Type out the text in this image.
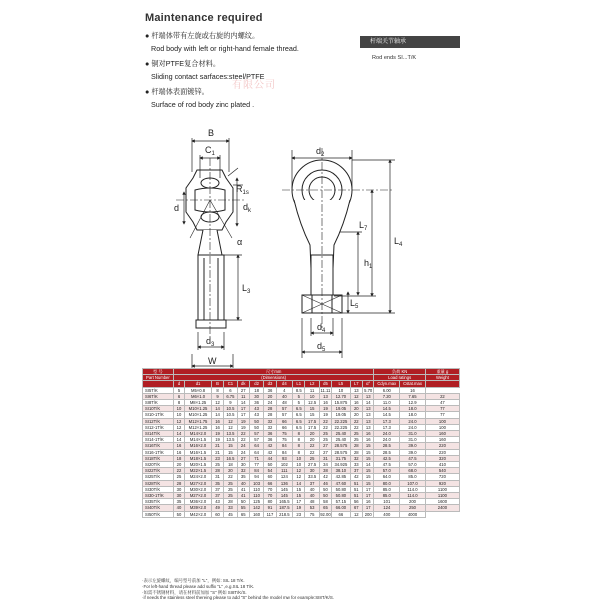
Maintenance required
● 杆端体带有左旋或右旋的内螺纹。
Rod body with left or right-hand female thread.
● 铜对PTFE复合材料。
Sliding contact sarfaces:steel/PTFE
● 杆端体表面镀锌。
Surface of rod body zinc plated .
杆端关节轴承
Rod ends SI...T/K
有限公司
B
$C_1$
$R_{1s}$
d	$d_k$
α
$L_3$
$d_3$
W
$d_2$
$L_7$
$L_4$
$h_1$
$L_5$
$d_4$
$d_5$
型 号	尺寸mm														负荷 KN		重量 g
Part Number	(Dimensions)														Load ratings		Weight
	d	d1	B	C1	dk	d2	d3	d4	L1	L2	d5	L5	L7	α°	Cdyn.max	Cstat.max	
SI5T/K	5	M5×0.8	8	6	27	18	36	4	8.5	11	11.11	10	13	5.70	6.00	16	
SI6T/K	6	M6×1.0	9	6.75	11	30	20	40	5	10	13	12.70	12	13	7.20	7.65	22
SI8T/K	8	M8×1.25	12	9	14	36	24	48	5	12.5	16	15.875	16	14	11.0	12.9	47
SI10T/K	10	M10×1.25	14	10.5	17	43	28	57	6.5	15	19	19.05	20	13	14.5	18.0	77
SI10-1T/K	10	M10×1.25	14	10.5	17	43	28	57	6.5	15	19	19.05	20	13	14.5	18.0	77
SI12T/K	12	M12×1.75	16	12	19	50	32	66	6.5	17.5	22	22.225	22	13	17.3	24.0	100
SI12-1T/K	12	M12×1.25	16	12	19	50	32	66	6.5	17.5	22	22.225	22	13	17.3	24.0	100
SI14T/K	14	M14×2.0	19	13.5	22	57	36	75	8	20	25	25.40	25	16	24.0	31.0	160
SI14-1T/K	14	M14×1.5	19	13.5	22	57	36	75	8	20	25	25.40	25	16	24.0	31.0	160
SI16T/K	16	M16×2.0	21	15	24	64	42	84	8	22	27	28.575	28	15	28.5	39.0	220
SI16-1T/K	16	M16×1.5	21	15	24	64	42	84	8	22	27	28.575	28	15	28.5	39.0	220
SI18T/K	18	M18×1.5	23	16.5	27	71	44	93	10	25	31	31.75	32	15	42.5	47.5	320
SI20T/K	20	M20×1.5	25	18	30	77	50	102	10	27.5	34	34.925	33	14	47.5	57.0	410
SI22T/K	22	M22×1.5	28	20	32	84	54	111	12	30	38	38.10	37	15	57.0	68.0	540
SI25T/K	25	M24×2.0	31	22	35	94	60	124	12	33.5	42	42.85	42	15	64.0	85.0	720
SI28T/K	28	M27×2.0	35	25	40	103	66	136	14	37	46	47.60	51	15	80.0	107.0	920
SI30T/K	30	M30×2.0	37	25	41	110	70	145	15	40	50	50.80	51	17	85.0	114.0	1100
SI30-1T/K	30	M27×2.0	37	25	41	110	70	145	15	40	50	50.80	51	17	85.0	114.0	1100
SI35T/K	35	M36×2.0	43	28	50	125	80	165.5	17	48	58	57.15	56	16	101	200	1600
SI40T/K	40	M39×2.0	49	33	55	142	91	187.5	19	53	65	66.00	67	17	124	250	2400
SI50T/K	50	M42×2.0	60	45	65	160	117	218.5	23	75	92.00	66	12	200	400	4000	
·表示左旋螺纹，编号型号前加 "L"，例如: SIL 18 T/K.
·For left-hand thread please add suffix "L" ,e.g.SIL 18 T/K.
·如需不锈钢材料，请在材料前加加 "S" 例如 SI8T/K/S.
·if needs the stainless steel thereing please to add "S" behind the model mw for example:SI8T/K/S.
